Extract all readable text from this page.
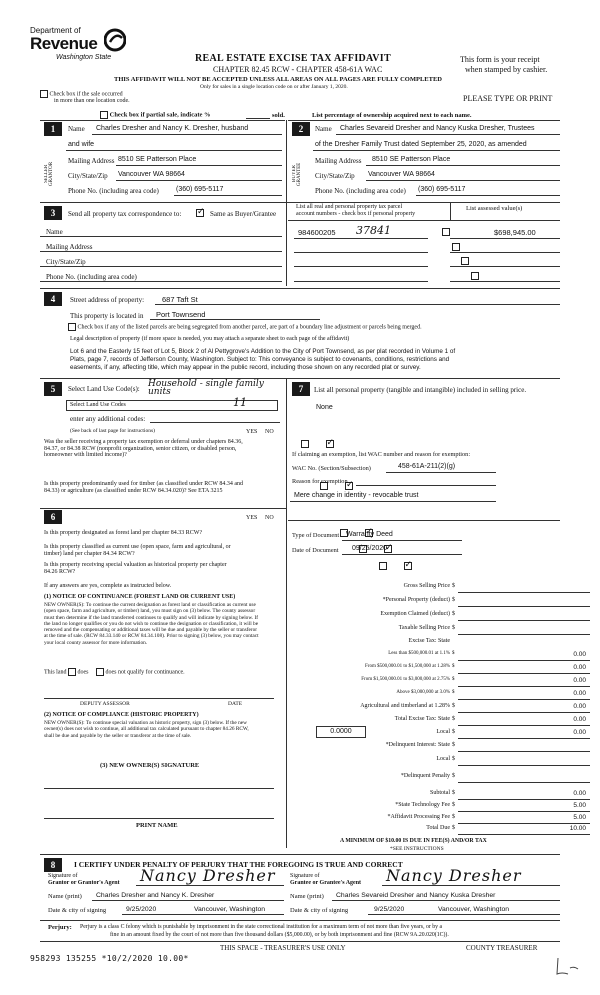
Department of
Revenue
Washington State	REAL ESTATE EXCISE TAX AFFIDAVIT
CHAPTER 82.45 RCW - CHAPTER 458-61A WAC
THIS AFFIDAVIT WILL NOT BE ACCEPTED UNLESS ALL AREAS ON ALL PAGES ARE FULLY COMPLETED
Only for sales in a single location code on or after January 1, 2020.
This form is your receipt
when stamped by cashier.
PLEASE TYPE OR PRINT
Check box if the sale occurred
in more than one location code.
Check box if partial sale, indicate %	sold.	List percentage of ownership acquired next to each name.
1	Name Charles Dresher and Nancy K. Dresher, husband
and wife
SELLER GRANTOR
Mailing Address 8510 SE Patterson Place
City/State/Zip Vancouver WA 98664
Phone No. (including area code) (360) 695-5117
2	Name Charles Sevareid Dresher and Nancy Kuska Dresher, Trustees
of the Dresher Family Trust dated September 25, 2020, as amended
BUYER GRANTEE
Mailing Address 8510 SE Patterson Place
City/State/Zip Vancouver WA 98664
Phone No. (including area code) (360) 695-5117
3	Send all property tax correspondence to:
✓	Same as Buyer/Grantee
List all real and personal property tax parcel
account numbers - check box if personal property
List assessed value(s)
Name
Mailing Address
City/State/Zip
Phone No. (including area code)
984600205 37841
	$698,945.00

4	Street address of property: 687 Taft St
This property is located in Port Townsend
Check box if any of the listed parcels are being segregated from another parcel, are part of a boundary line adjustment or parcels being merged.
Legal description of property (if more space is needed, you may attach a separate sheet to each page of the affidavit)
Lot 6 and the Easterly 15 feet of Lot 5, Block 2 of Al Pettygrove's Addition to the City of Port Townsend, as per plat recorded in Volume 1 of
Plats, page 7, records of Jefferson County, Washington. Subject to: This conveyance is subject to covenants, conditions, restrictions and
easements, if any, affecting title, which may appear in the public record, including those shown on any recorded plat or survey.
5	Select Land Use Code(s): Household - single family units
Select Land Use Codes	11
enter any additional codes:
(See back of last page for instructions)	YES NO
Was the seller receiving a property tax exemption or deferral under chapters 84.36, 84.37, or 84.38 RCW (nonprofit organization, senior citizen, or disabled person, homeowner with limited income)?
✓
Is this property predominantly used for timber (as classified under RCW 84.34 and 84.33) or agriculture (as classified under RCW 84.34.020)? See ETA 3215
✓
6	YES NO
Is this property designated as forest land per chapter 84.33 RCW?
✓
Is this property classified as current use (open space, farm and agricultural, or timber) land per chapter 84.34 RCW?
✓
Is this property receiving special valuation as historical property per chapter 84.26 RCW?
✓
If any answers are yes, complete as instructed below.
(1) NOTICE OF CONTINUANCE (FOREST LAND OR CURRENT USE)
NEW OWNER(S): To continue the current designation as forest land or classification as current use (open space, farm and agriculture, or timber) land, you must sign on (3) below. The county assessor must then determine if the land transferred continues to qualify and will indicate by signing below. If the land no longer qualifies or you do not wish to continue the designation or classification, it will be removed and the compensating or additional taxes will be due and payable by the seller or transferor at the time of sale. (RCW 84.33.140 or RCW 84.34.108). Prior to signing (3) below, you may contact your local county assessor for more information.
This land does	does not qualify for continuance.
DEPUTY ASSESSOR	DATE
(2) NOTICE OF COMPLIANCE (HISTORIC PROPERTY)
NEW OWNER(S): To continue special valuation as historic property, sign (3) below. If the new owner(s) does not wish to continue, all additional tax calculated pursuant to chapter 84.26 RCW, shall be due and payable by the seller or transferor at the time of sale.
(3) NEW OWNER(S) SIGNATURE
PRINT NAME
7	List all personal property (tangible and intangible) included in selling price.
None
If claiming an exemption, list WAC number and reason for exemption:
WAC No. (Section/Subsection)	458-61A-211(2)(g)
Reason for exemption
Mere change in identity - revocable trust
Type of Document Warranty Deed
Date of Document 09/25/2020
Gross Selling Price $
*Personal Property (deduct) $
Exemption Claimed (deduct) $
Taxable Selling Price $
Excise Tax: State
Less than $500,000.01 at 1.1% $	0.00
From $500,000.01 to $1,500,000 at 1.28% $	0.00
From $1,500,000.01 to $3,000,000 at 2.75% $	0.00
Above $3,000,000 at 3.0% $	0.00
Agricultural and timberland at 1.28% $	0.00
Total Excise Tax: State $	0.00
0.0000	Local $	0.00
*Delinquent Interest: State $
Local $
*Delinquent Penalty $
Subtotal $	0.00
*State Technology Fee $	5.00
*Affidavit Processing Fee $	5.00
Total Due $	10.00
A MINIMUM OF $10.00 IS DUE IN FEE(S) AND/OR TAX
*SEE INSTRUCTIONS
8	I CERTIFY UNDER PENALTY OF PERJURY THAT THE FOREGOING IS TRUE AND CORRECT
Signature of
Grantor or Grantor's Agent Nancy Dresher Signature of
Grantee or Grantee's Agent Nancy Dresher
Name (print) Charles Dresher and Nancy K. Dresher	Name (print) Charles Sevareid Dresher and Nancy Kuska Dresher
Date & city of signing	9/25/2020	Vancouver, Washington	Date & city of signing	9/25/2020	Vancouver, Washington
Perjury: Perjury is a class C felony which is punishable by imprisonment in the state correctional institution for a maximum term of not more than five years, or by a
fine in an amount fixed by the court of not more than five thousand dollars ($5,000.00), or by both imprisonment and fine (RCW 9A.20.020(1C)).
THIS SPACE - TREASURER'S USE ONLY	COUNTY TREASURER
958293 135255 *10/2/2020 10.00*
